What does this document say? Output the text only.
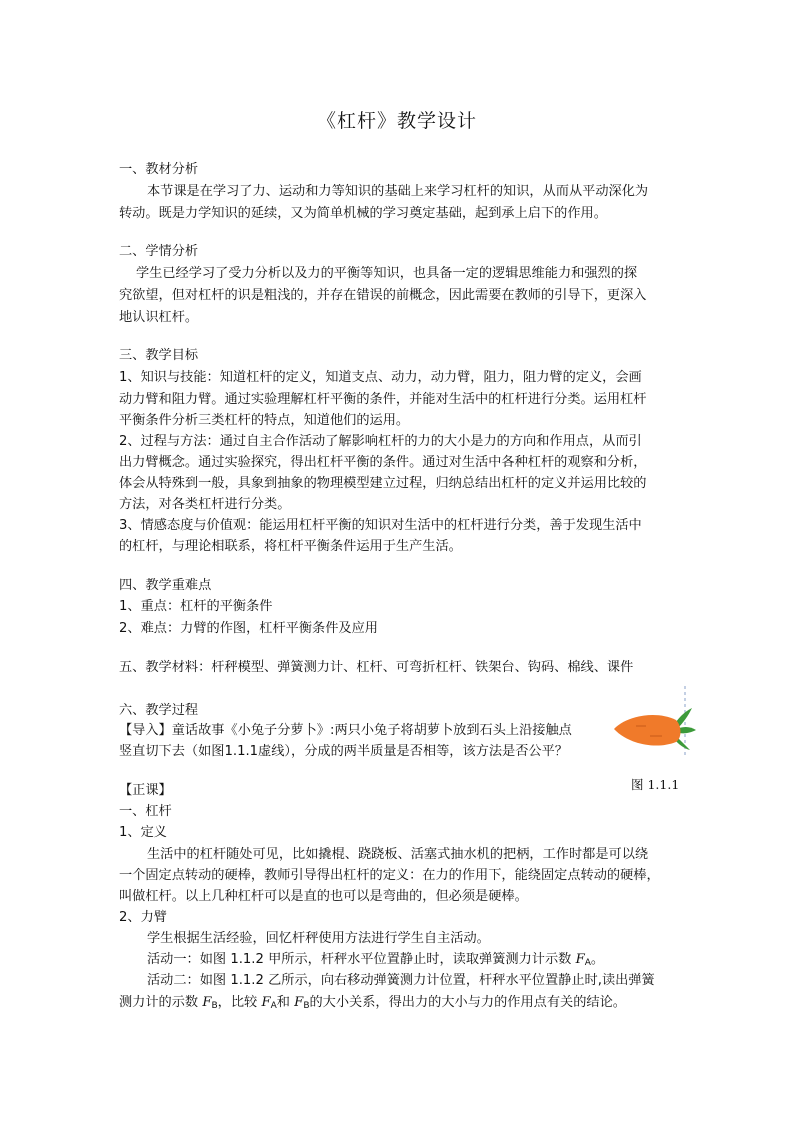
《杠杆》教学设计
一、教材分析
本节课是在学习了力、运动和力等知识的基础上来学习杠杆的知识，从而从平动深化为
转动。既是力学知识的延续，又为简单机械的学习奠定基础，起到承上启下的作用。
二、学情分析
学生已经学习了受力分析以及力的平衡等知识，也具备一定的逻辑思维能力和强烈的探
究欲望，但对杠杆的识是粗浅的，并存在错误的前概念，因此需要在教师的引导下，更深入
地认识杠杆。
三、教学目标
1、知识与技能：知道杠杆的定义，知道支点、动力，动力臂，阻力，阻力臂的定义，会画
动力臂和阻力臂。通过实验理解杠杆平衡的条件，并能对生活中的杠杆进行分类。运用杠杆
平衡条件分析三类杠杆的特点，知道他们的运用。
2、过程与方法：通过自主合作活动了解影响杠杆的力的大小是力的方向和作用点，从而引
出力臂概念。通过实验探究，得出杠杆平衡的条件。通过对生活中各种杠杆的观察和分析，
体会从特殊到一般，具象到抽象的物理模型建立过程，归纳总结出杠杆的定义并运用比较的
方法，对各类杠杆进行分类。
3、情感态度与价值观：能运用杠杆平衡的知识对生活中的杠杆进行分类，善于发现生活中
的杠杆，与理论相联系，将杠杆平衡条件运用于生产生活。
四、教学重难点
1、重点：杠杆的平衡条件
2、难点：力臂的作图，杠杆平衡条件及应用
五、教学材料：杆秤模型、弹簧测力计、杠杆、可弯折杠杆、铁架台、钩码、棉线、课件
六、教学过程
【导入】童话故事《小兔子分萝卜》:两只小兔子将胡萝卜放到石头上沿接触点
竖直切下去（如图1.1.1虚线），分成的两半质量是否相等，该方法是否公平？
图 1.1.1
【正课】
一、杠杆
1、定义
生活中的杠杆随处可见，比如撬棍、跷跷板、活塞式抽水机的把柄，工作时都是可以绕
一个固定点转动的硬棒，教师引导得出杠杆的定义：在力的作用下，能绕固定点转动的硬棒，
叫做杠杆。以上几种杠杆可以是直的也可以是弯曲的，但必须是硬棒。
2、力臂
学生根据生活经验，回忆杆秤使用方法进行学生自主活动。
活动一：如图 1.1.2 甲所示，杆秤水平位置静止时，读取弹簧测力计示数 $F_A$。
活动二：如图 1.1.2 乙所示，向右移动弹簧测力计位置，杆秤水平位置静止时,读出弹簧
测力计的示数 $F_B$，比较 $F_A$和 $F_B$的大小关系，得出力的大小与力的作用点有关的结论。
